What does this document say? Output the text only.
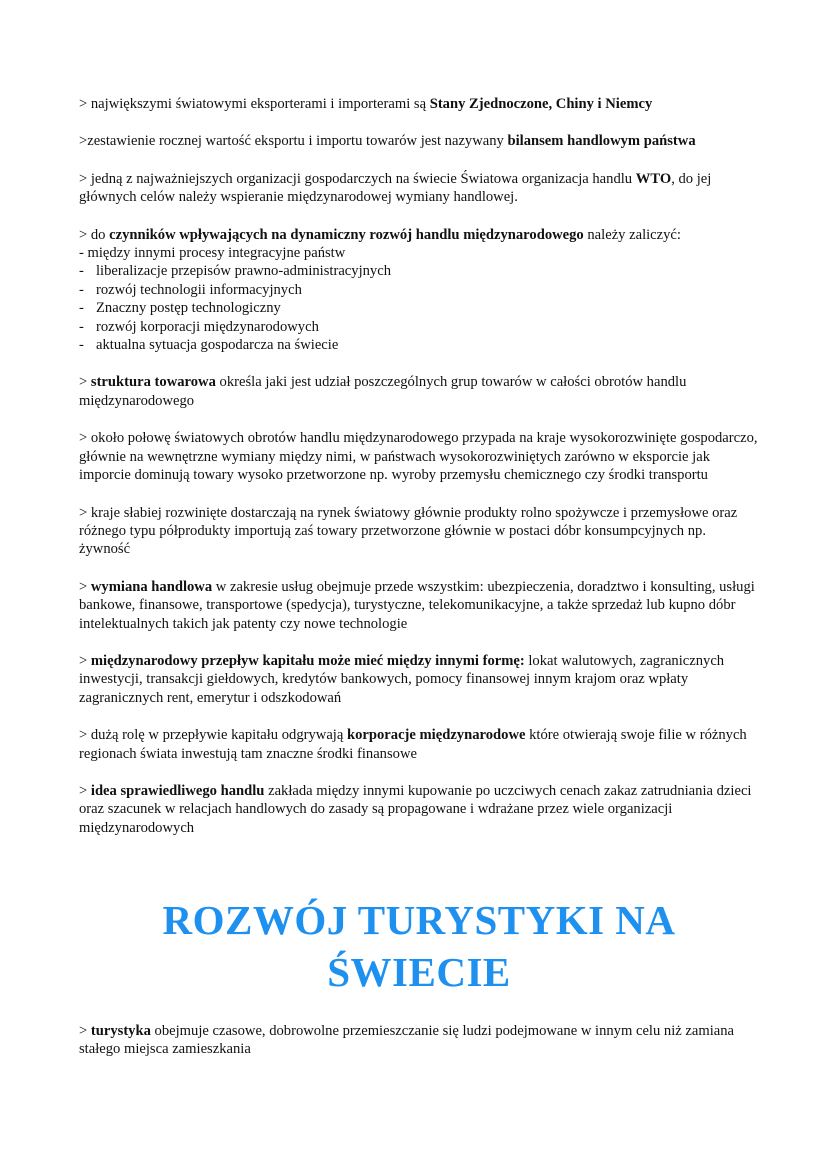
> największymi światowymi eksporterami i importerami są Stany Zjednoczone, Chiny i Niemcy

>zestawienie rocznej wartość eksportu i importu towarów jest nazywany bilansem handlowym państwa

> jedną z najważniejszych organizacji gospodarczych na świecie Światowa organizacja handlu WTO, do jej głównych celów należy wspieranie międzynarodowej wymiany handlowej.

> do czynników wpływających na dynamiczny rozwój handlu międzynarodowego należy zaliczyć:
- między innymi procesy integracyjne państw
- liberalizacje przepisów prawno-administracyjnych
- rozwój technologii informacyjnych
- Znaczny postęp technologiczny
- rozwój korporacji międzynarodowych
- aktualna sytuacja gospodarcza na świecie

> struktura towarowa określa jaki jest udział poszczególnych grup towarów w całości obrotów handlu międzynarodowego

> około połowę światowych obrotów handlu międzynarodowego przypada na kraje wysokorozwinięte gospodarczo, głównie na wewnętrzne wymiany między nimi, w państwach wysokorozwiniętych zarówno w eksporcie jak imporcie dominują towary wysoko przetworzone np. wyroby przemysłu chemicznego czy środki transportu

> kraje słabiej rozwinięte dostarczają na rynek światowy głównie produkty rolno spożywcze i przemysłowe oraz różnego typu półprodukty importują zaś towary przetworzone głównie w postaci dóbr konsumpcyjnych np. żywność

> wymiana handlowa w zakresie usług obejmuje przede wszystkim: ubezpieczenia, doradztwo i konsulting, usługi bankowe, finansowe, transportowe (spedycja), turystyczne, telekomunikacyjne, a także sprzedaż lub kupno dóbr intelektualnych takich jak patenty czy nowe technologie

> międzynarodowy przepływ kapitału może mieć między innymi formę: lokat walutowych, zagranicznych inwestycji, transakcji giełdowych, kredytów bankowych, pomocy finansowej innym krajom oraz wpłaty zagranicznych rent, emerytur i odszkodowań

> dużą rolę w przepływie kapitału odgrywają korporacje międzynarodowe które otwierają swoje filie w różnych regionach świata inwestują tam znaczne środki finansowe

> idea sprawiedliwego handlu zakłada między innymi kupowanie po uczciwych cenach zakaz zatrudniania dzieci oraz szacunek w relacjach handlowych do zasady są propagowane i wdrażane przez wiele organizacji międzynarodowych

ROZWÓJ TURYSTYKI NA
ŚWIECIE

> turystyka obejmuje czasowe, dobrowolne przemieszczanie się ludzi podejmowane w innym celu niż zamiana stałego miejsca zamieszkania
